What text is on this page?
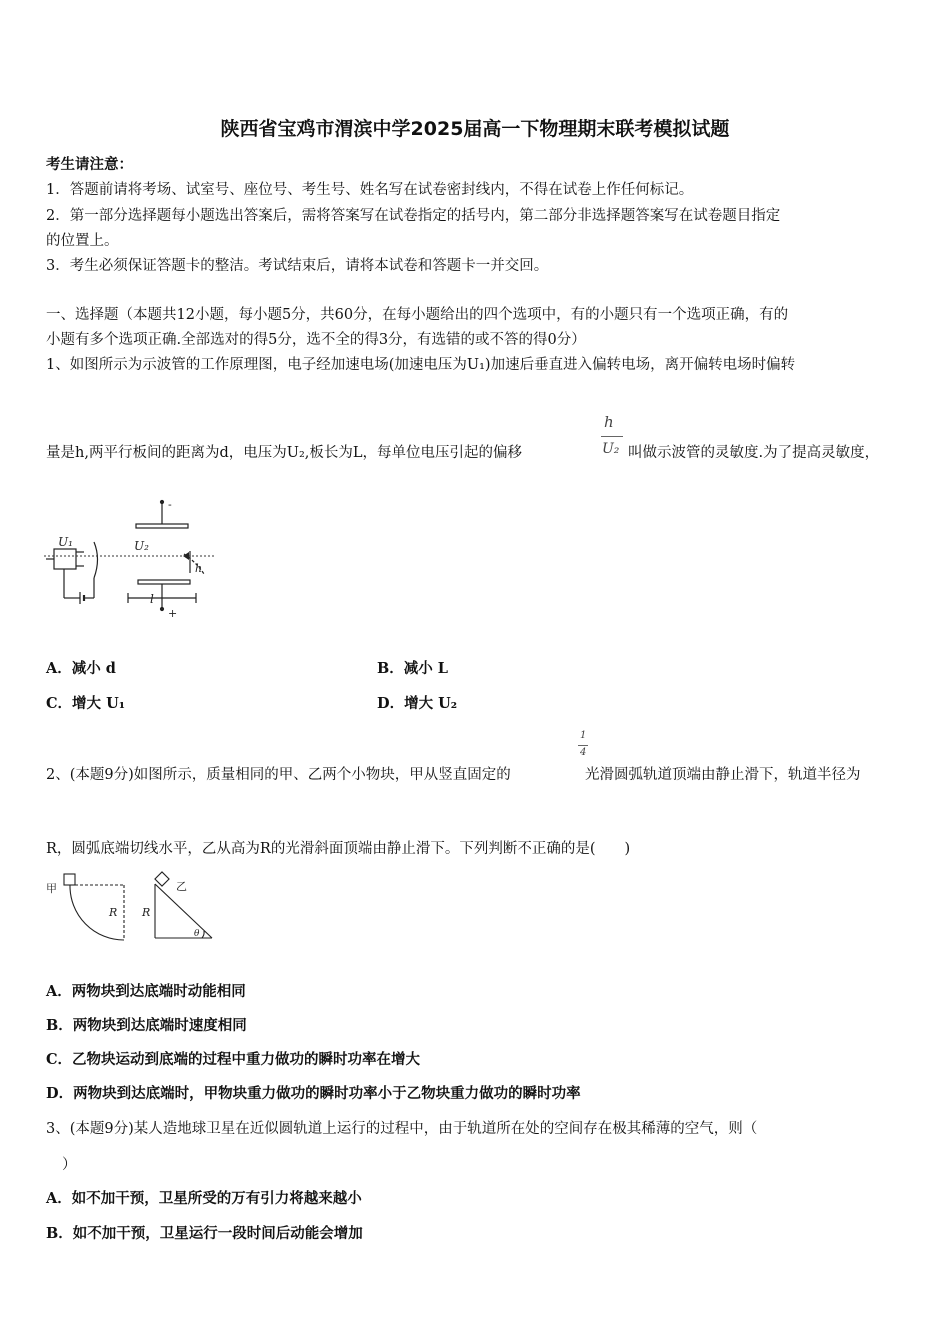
陕西省宝鸡市渭滨中学2025届高一下物理期末联考模拟试题
考生请注意：
1．答题前请将考场、试室号、座位号、考生号、姓名写在试卷密封线内，不得在试卷上作任何标记。
2．第一部分选择题每小题选出答案后，需将答案写在试卷指定的括号内，第二部分非选择题答案写在试卷题目指定
的位置上。
3．考生必须保证答题卡的整洁。考试结束后，请将本试卷和答题卡一并交回。
一、选择题（本题共12小题，每小题5分，共60分，在每小题给出的四个选项中，有的小题只有一个选项正确，有的
小题有多个选项正确.全部选对的得5分，选不全的得3分，有选错的或不答的得0分）
1、如图所示为示波管的工作原理图，电子经加速电场(加速电压为U₁)加速后垂直进入偏转电场，离开偏转电场时偏转
量是h,两平行板间的距离为d，电压为U₂,板长为L，每单位电压引起的偏移
h
U₂ 叫做示波管的灵敏度.为了提高灵敏度，
U₁	U₂
l
h
+
-
A．减小 d	B．减小 L
C．增大 U₁	D．增大 U₂
1
4
2、(本题9分)如图所示，质量相同的甲、乙两个小物块，甲从竖直固定的	光滑圆弧轨道顶端由静止滑下，轨道半径为
R，圆弧底端切线水平，乙从高为R的光滑斜面顶端由静止滑下。下列判断不正确的是(　　)
甲	乙
R R
θ
A．两物块到达底端时动能相同
B．两物块到达底端时速度相同
C．乙物块运动到底端的过程中重力做功的瞬时功率在增大
D．两物块到达底端时，甲物块重力做功的瞬时功率小于乙物块重力做功的瞬时功率
3、(本题9分)某人造地球卫星在近似圆轨道上运行的过程中，由于轨道所在处的空间存在极其稀薄的空气，则（
）
A．如不加干预，卫星所受的万有引力将越来越小
B．如不加干预，卫星运行一段时间后动能会增加
